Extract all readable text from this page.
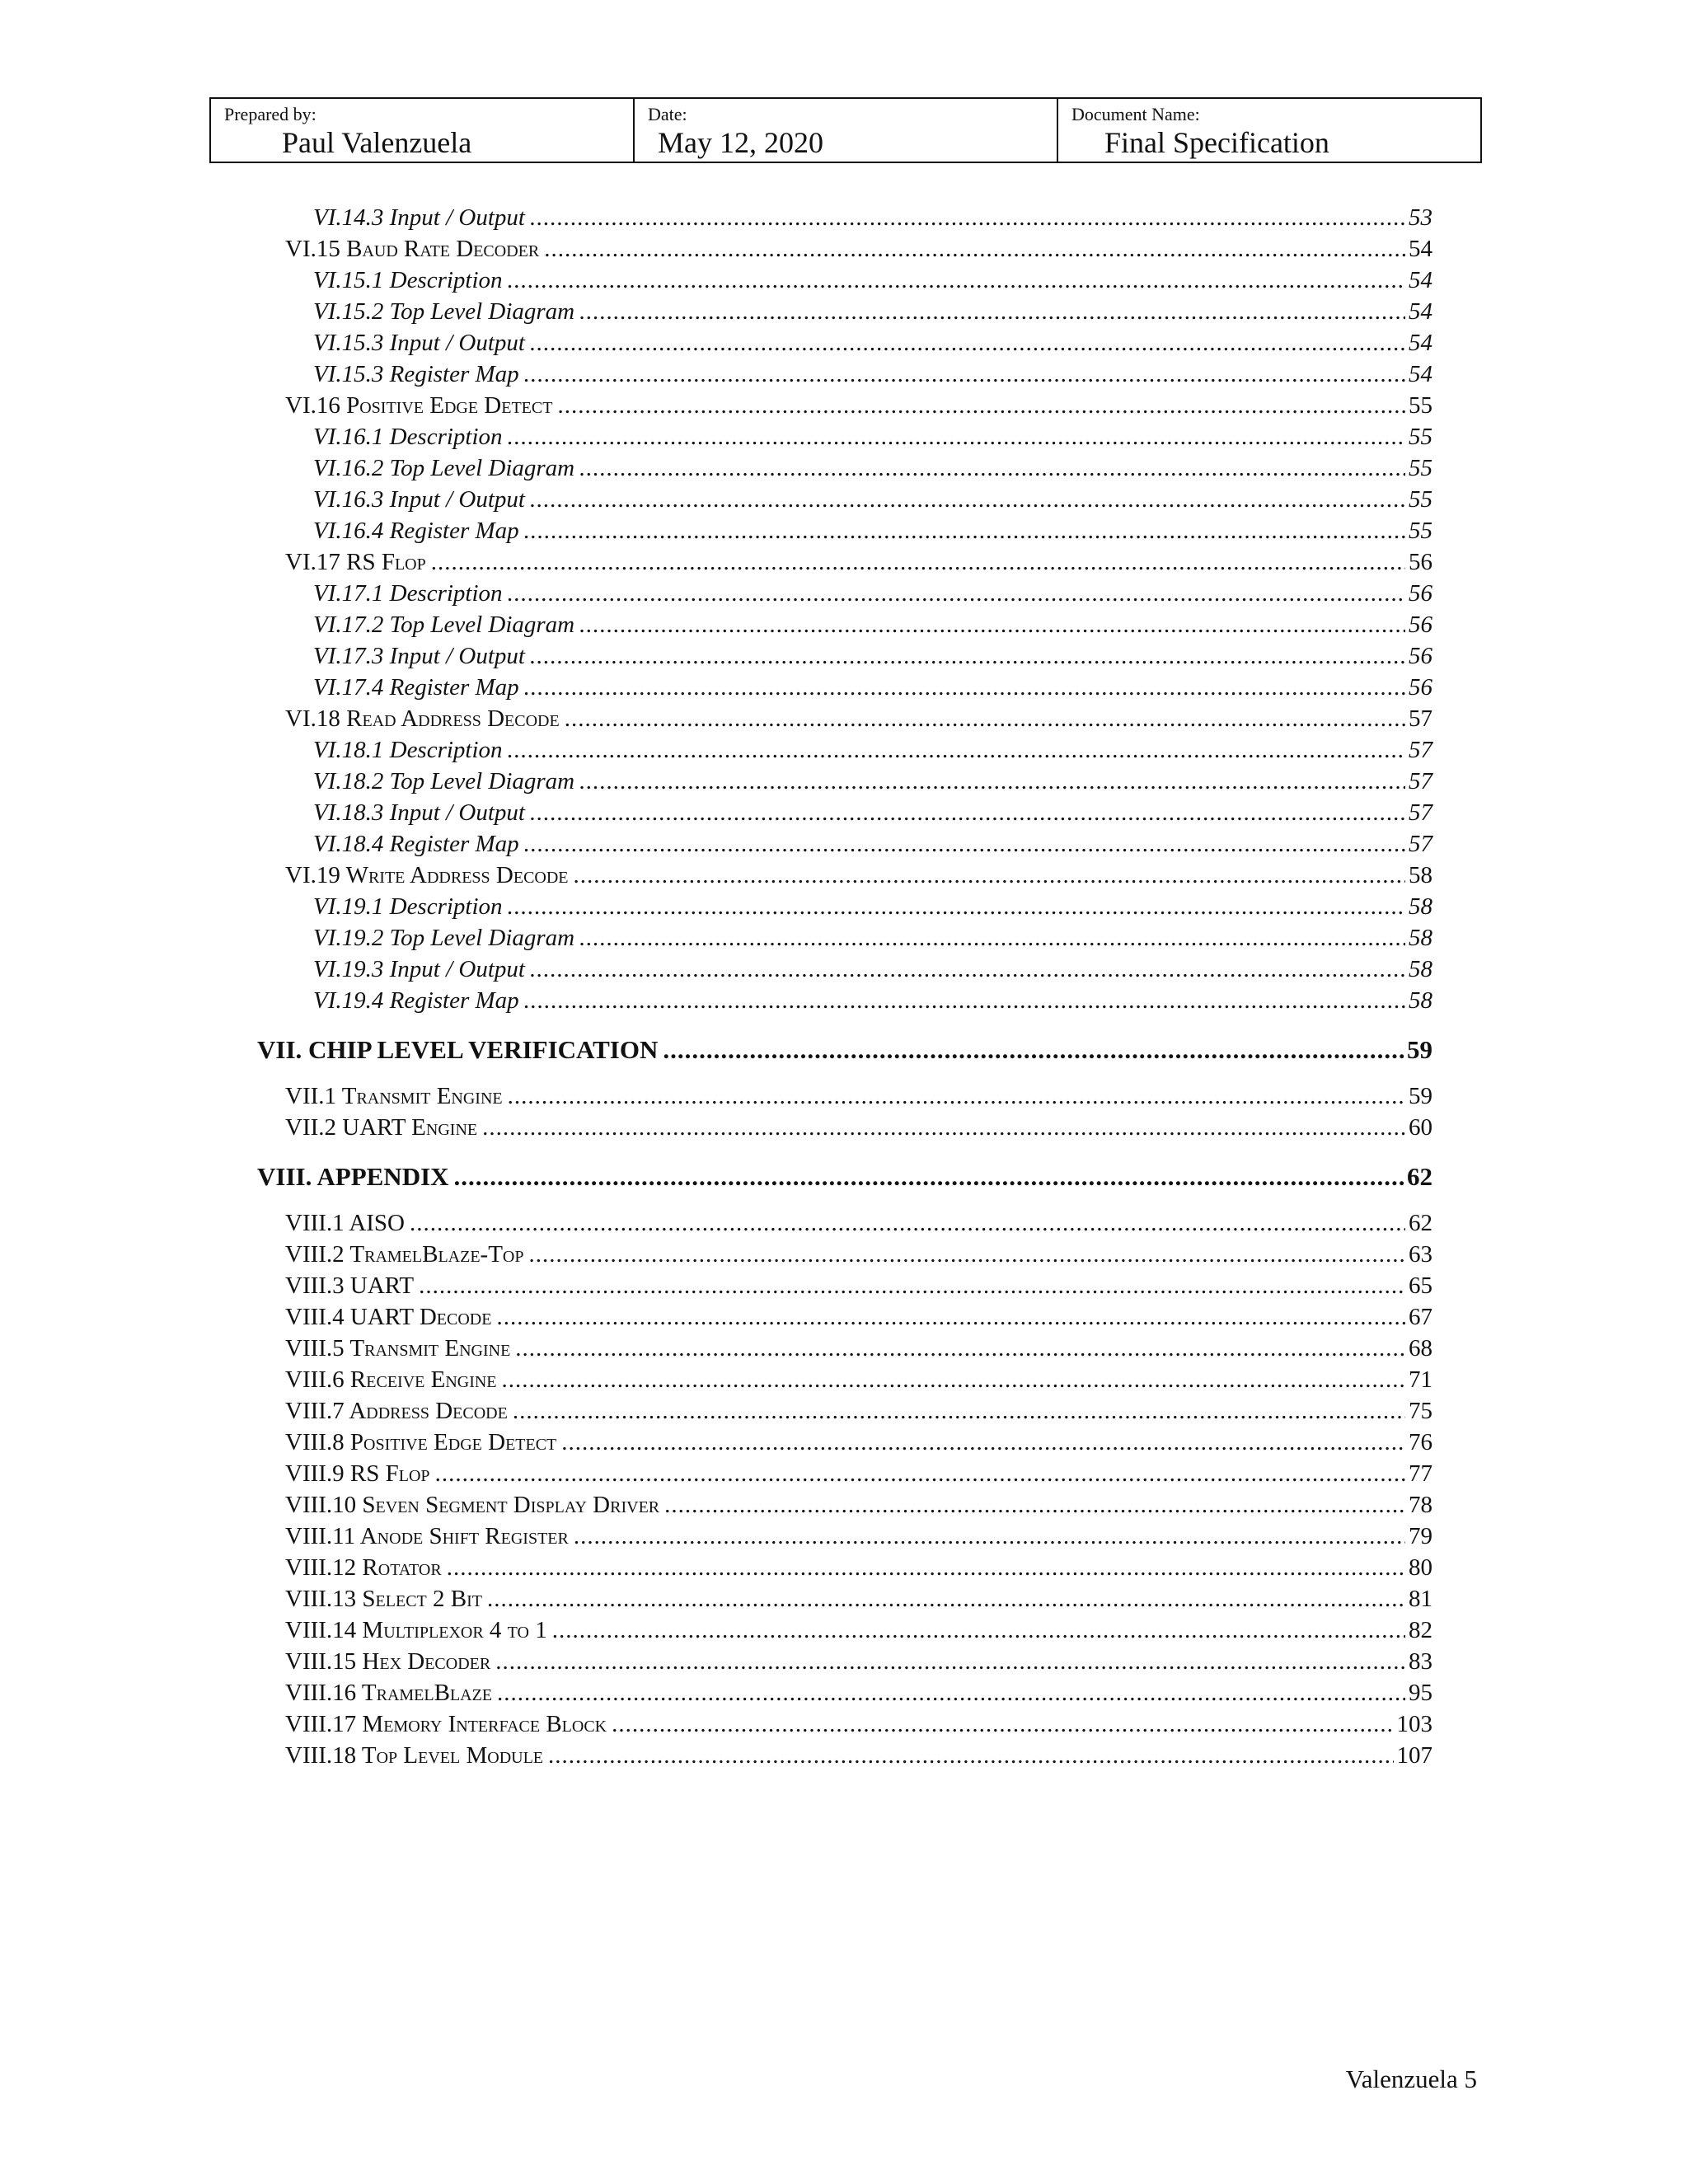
Prepared by:
Paul Valenzuela
Date:
May 12, 2020
Document Name:
Final Specification
VI.14.3 Input / Output .....	53
VI.15 Baud Rate Decoder .....	54
VI.15.1 Description .....	54
VI.15.2 Top Level Diagram .....	54
VI.15.3 Input / Output .....	54
VI.15.3 Register Map .....	54
VI.16 Positive Edge Detect .....	55
VI.16.1 Description .....	55
VI.16.2 Top Level Diagram .....	55
VI.16.3 Input / Output .....	55
VI.16.4 Register Map .....	55
VI.17 RS Flop .....	56
VI.17.1 Description .....	56
VI.17.2 Top Level Diagram .....	56
VI.17.3 Input / Output .....	56
VI.17.4 Register Map .....	56
VI.18 Read Address Decode .....	57
VI.18.1 Description .....	57
VI.18.2 Top Level Diagram .....	57
VI.18.3 Input / Output .....	57
VI.18.4 Register Map .....	57
VI.19 Write Address Decode .....	58
VI.19.1 Description .....	58
VI.19.2 Top Level Diagram .....	58
VI.19.3 Input / Output .....	58
VI.19.4 Register Map .....	58
VII. CHIP LEVEL VERIFICATION .....	59
VII.1 Transmit Engine .....	59
VII.2 UART Engine .....	60
VIII. APPENDIX .....	62
VIII.1 AISO .....	62
VIII.2 TramelBlaze-Top .....	63
VIII.3 UART .....	65
VIII.4 UART Decode .....	67
VIII.5 Transmit Engine .....	68
VIII.6 Receive Engine .....	71
VIII.7 Address Decode .....	75
VIII.8 Positive Edge Detect .....	76
VIII.9 RS Flop .....	77
VIII.10 Seven Segment Display Driver .....	78
VIII.11 Anode Shift Register .....	79
VIII.12 Rotator .....	80
VIII.13 Select 2 Bit .....	81
VIII.14 Multiplexor 4 to 1 .....	82
VIII.15 Hex Decoder .....	83
VIII.16 TramelBlaze .....	95
VIII.17 Memory Interface Block .....	103
VIII.18 Top Level Module .....	107
Valenzuela 5
